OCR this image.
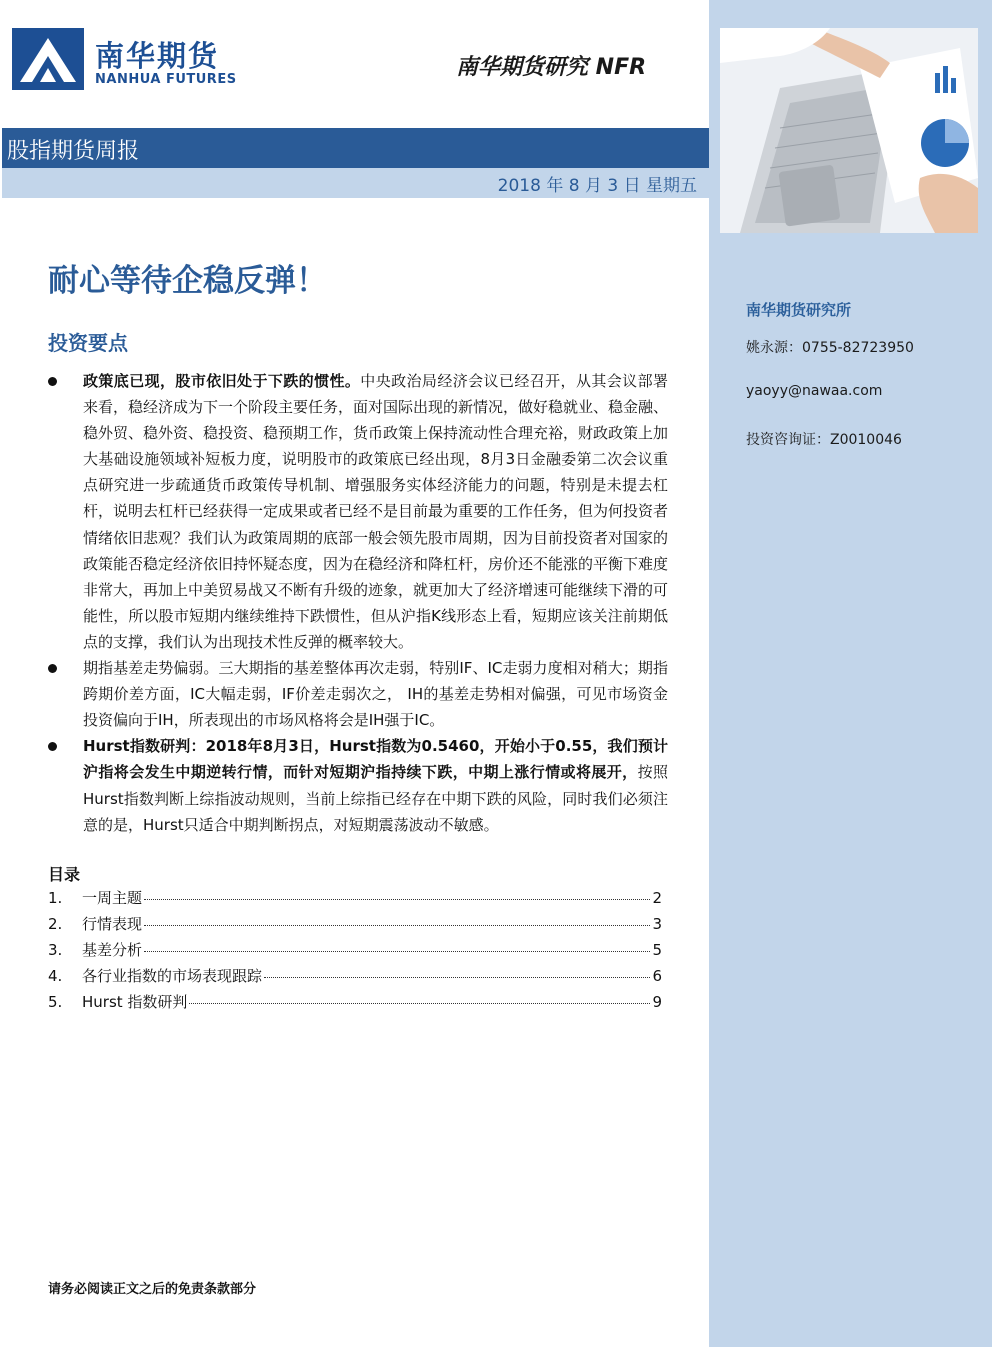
南华期货研究所
姚永源：0755-82723950
yaoyy@nawaa.com
投资咨询证：Z0010046
南华期货
NANHUA FUTURES	南华期货研究 NFR
股指期货周报
2018 年 8 月 3 日 星期五
耐心等待企稳反弹！
投资要点
政策底已现，股市依旧处于下跌的惯性。中央政治局经济会议已经召开，从其会议部署来看，稳经济成为下一个阶段主要任务，面对国际出现的新情况，做好稳就业、稳金融、稳外贸、稳外资、稳投资、稳预期工作，货币政策上保持流动性合理充裕，财政政策上加大基础设施领域补短板力度，说明股市的政策底已经出现，8月3日金融委第二次会议重点研究进一步疏通货币政策传导机制、增强服务实体经济能力的问题，特别是未提去杠杆，说明去杠杆已经获得一定成果或者已经不是目前最为重要的工作任务，但为何投资者情绪依旧悲观？我们认为政策周期的底部一般会领先股市周期，因为目前投资者对国家的政策能否稳定经济依旧持怀疑态度，因为在稳经济和降杠杆，房价还不能涨的平衡下难度非常大，再加上中美贸易战又不断有升级的迹象，就更加大了经济增速可能继续下滑的可能性，所以股市短期内继续维持下跌惯性，但从沪指K线形态上看，短期应该关注前期低点的支撑，我们认为出现技术性反弹的概率较大。
期指基差走势偏弱。三大期指的基差整体再次走弱，特别IF、IC走弱力度相对稍大；期指跨期价差方面，IC大幅走弱，IF价差走弱次之， IH的基差走势相对偏强，可见市场资金投资偏向于IH，所表现出的市场风格将会是IH强于IC。
Hurst指数研判：2018年8月3日，Hurst指数为0.5460，开始小于0.55，我们预计沪指将会发生中期逆转行情，而针对短期沪指持续下跌，中期上涨行情或将展开，按照Hurst指数判断上综指波动规则，当前上综指已经存在中期下跌的风险，同时我们必须注意的是，Hurst只适合中期判断拐点，对短期震荡波动不敏感。
目录
1.	一周主题	2
2.	行情表现	3
3.	基差分析	5
4.	各行业指数的市场表现跟踪	6
5.	Hurst 指数研判	9
请务必阅读正文之后的免责条款部分
